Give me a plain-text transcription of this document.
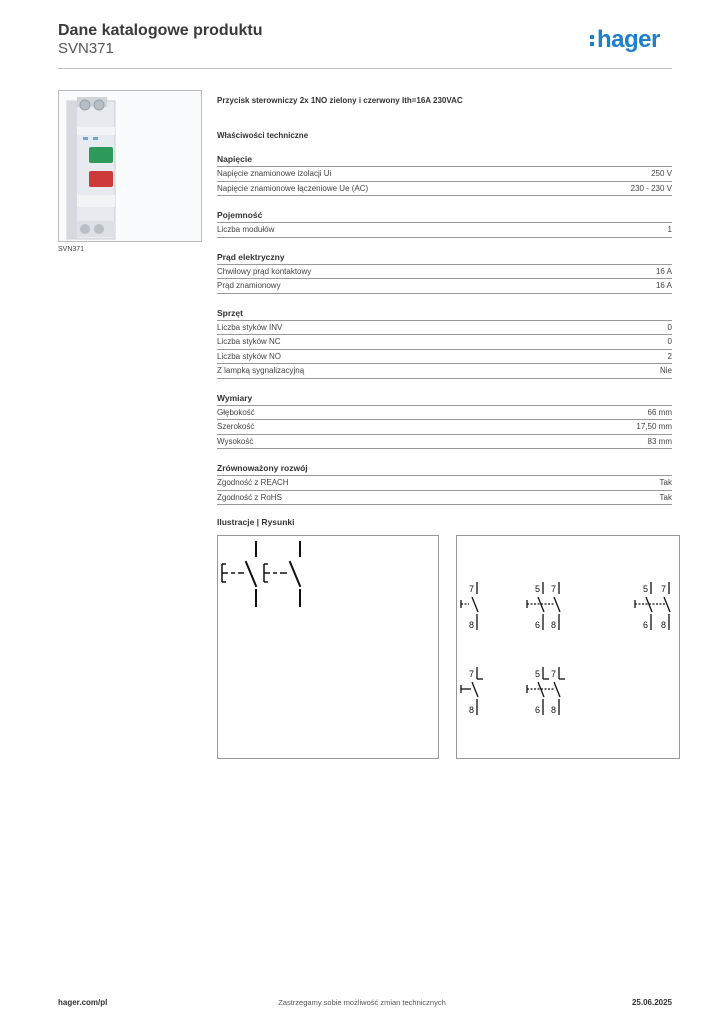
Dane katalogowe produktu
SVN371	hager
SVN371
Przycisk sterowniczy 2x 1NO zielony i czerwony Ith=16A 230VAC
Właściwości techniczne
Napięcie
Napięcie znamionowe izolacji Ui	250 V
Napięcie znamionowe łączeniowe Ue (AC)	230 - 230 V
Pojemność
Liczba modułów	1
Prąd elektryczny
Chwilowy prąd kontaktowy	16 A
Prąd znamionowy	16 A
Sprzęt
Liczba styków INV	0
Liczba styków NC	0
Liczba styków NO	2
Z lampką sygnalizacyjną	Nie
Wymiary
Głębokość	66 mm
Szerokość	17,50 mm
Wysokość	83 mm
Zrównoważony rozwój
Zgodność z REACH	Tak
Zgodność z RoHS	Tak
Ilustracje | Rysunki
7
8
5 7
6 8
5 7
6 8
7
8
5 7
6 8
hager.com/pl	Zastrzegamy sobie możliwość zmian technicznych	25.06.2025
